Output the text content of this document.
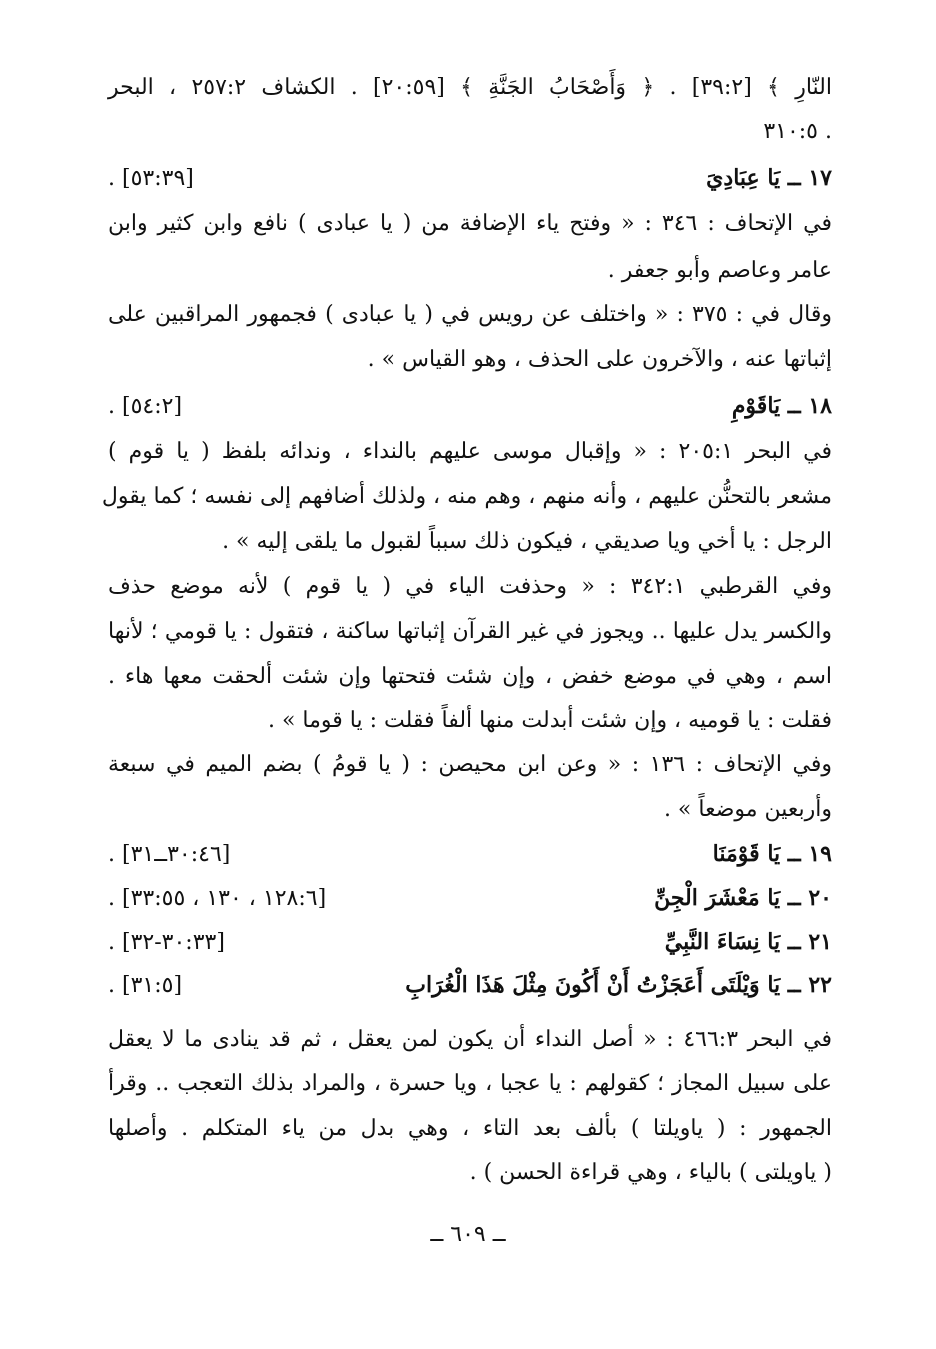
النّارِ ﴾ [٣٩:٢] . ﴿ وَأَصْحَابُ الجَنَّةِ ﴾ [٢٠:٥٩] . الكشاف ٢٥٧:٢ ، البحر
. ٣١٠:٥
١٧ ــ يَا عِبَادِيَ
[٥٣:٣٩] .
في الإتحاف : ٣٤٦ : « وفتح ياء الإضافة من ( يا عبادى ) نافع وابن كثير وابن
عامر وعاصم وأبو جعفر .
وقال في : ٣٧٥ : « واختلف عن رويس في ( يا عبادى ) فجمهور المراقبين على
إثباتها عنه ، والآخرون على الحذف ، وهو القياس » .
١٨ ــ يَاقَوْمِ
[٥٤:٢] .
في البحر ٢٠٥:١ : « وإقبال موسى عليهم بالنداء ، وندائه بلفظ ( يا قوم )
مشعر بالتحنُّن عليهم ، وأنه منهم ، وهم منه ، ولذلك أضافهم إلى نفسه ؛ كما يقول
الرجل : يا أخي ويا صديقي ، فيكون ذلك سبباً لقبول ما يلقى إليه » .
وفي القرطبي ٣٤٢:١ : « وحذفت الياء في ( يا قوم ) لأنه موضع حذف
والكسر يدل عليها .. ويجوز في غير القرآن إثباتها ساكنة ، فتقول : يا قومي ؛ لأنها
اسم ، وهي في موضع خفض ، وإن شئت فتحتها وإن شئت ألحقت معها هاء .
فقلت : يا قوميه ، وإن شئت أبدلت منها ألفاً فقلت : يا قوما » .
وفي الإتحاف : ١٣٦ : « وعن ابن محيصن : ( يا قومُ ) بضم الميم في سبعة
وأربعين موضعاً » .
١٩ ــ يَا قَوْمَنَا
[٣٠:٤٦ــ٣١] .
٢٠ ــ يَا مَعْشَرَ الْجِنِّ
[١٢٨:٦ ، ١٣٠ ، ٣٣:٥٥] .
٢١ ــ يَا نِسَاءَ النَّبِيِّ
[٣٠:٣٣-٣٢] .
٢٢ ــ يَا وَيْلَتَى أَعَجَزْتُ أَنْ أَكُونَ مِثْلَ هَذَا الْغُرَابِ
[٣١:٥] .
في البحر ٤٦٦:٣ : « أصل النداء أن يكون لمن يعقل ، ثم قد ينادى ما لا يعقل
على سبيل المجاز ؛ كقولهم : يا عجبا ، ويا حسرة ، والمراد بذلك التعجب .. وقرأ
الجمهور : ( ياويلتا ) بألف بعد التاء ، وهي بدل من ياء المتكلم . وأصلها
( ياويلتى ) بالياء ، وهي قراءة الحسن ) .
ــ ٦٠٩ ــ
